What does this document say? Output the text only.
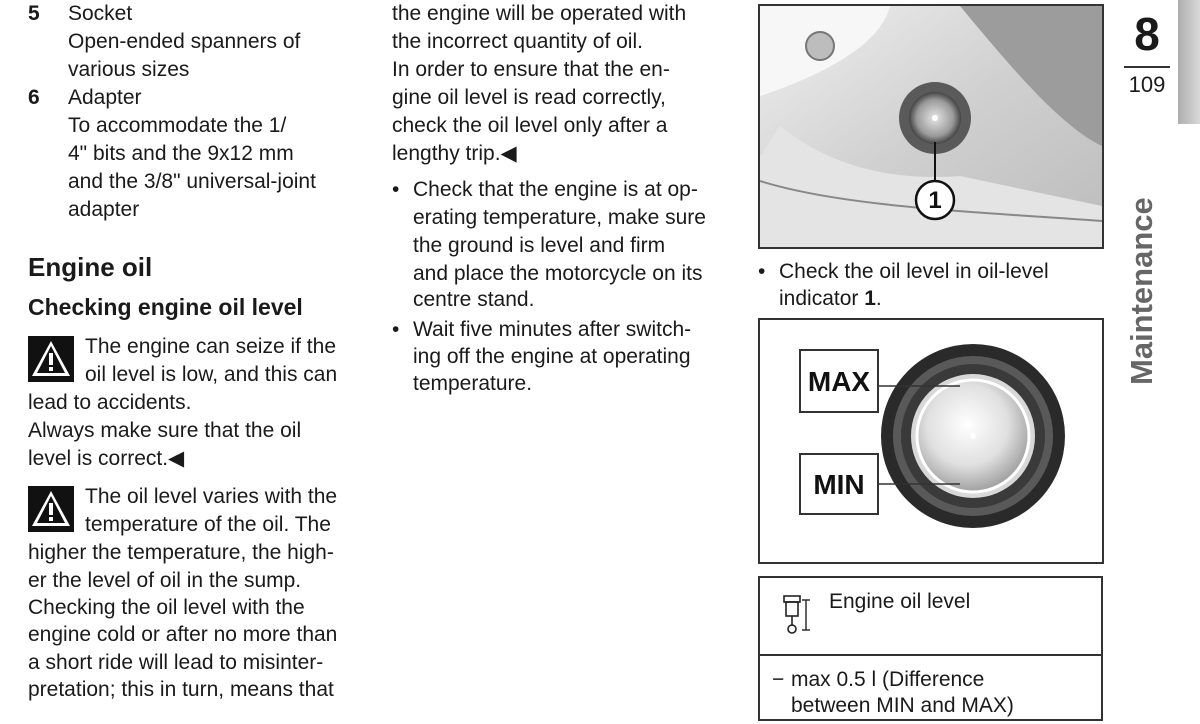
5 Socket
Open-ended spanners of
various sizes
6 Adapter
To accommodate the 1/
4" bits and the 9x12 mm
and the 3/8" universal-joint
adapter
Engine oil
Checking engine oil level
The engine can seize if the
oil level is low, and this can
lead to accidents.
Always make sure that the oil
level is correct.◀
The oil level varies with the
temperature of the oil. The
higher the temperature, the high-
er the level of oil in the sump.
Checking the oil level with the
engine cold or after no more than
a short ride will lead to misinter-
pretation; this in turn, means that
the engine will be operated with
the incorrect quantity of oil.
In order to ensure that the en-
gine oil level is read correctly,
check the oil level only after a
lengthy trip.◀
• Check that the engine is at op-
erating temperature, make sure
the ground is level and firm
and place the motorcycle on its
centre stand.
• Wait five minutes after switch-
ing off the engine at operating
temperature.
1
• Check the oil level in oil-level
indicator 1.
MAX
MIN
Engine oil level
− max 0.5 l (Difference
between MIN and MAX)
8
109
Maintenance
